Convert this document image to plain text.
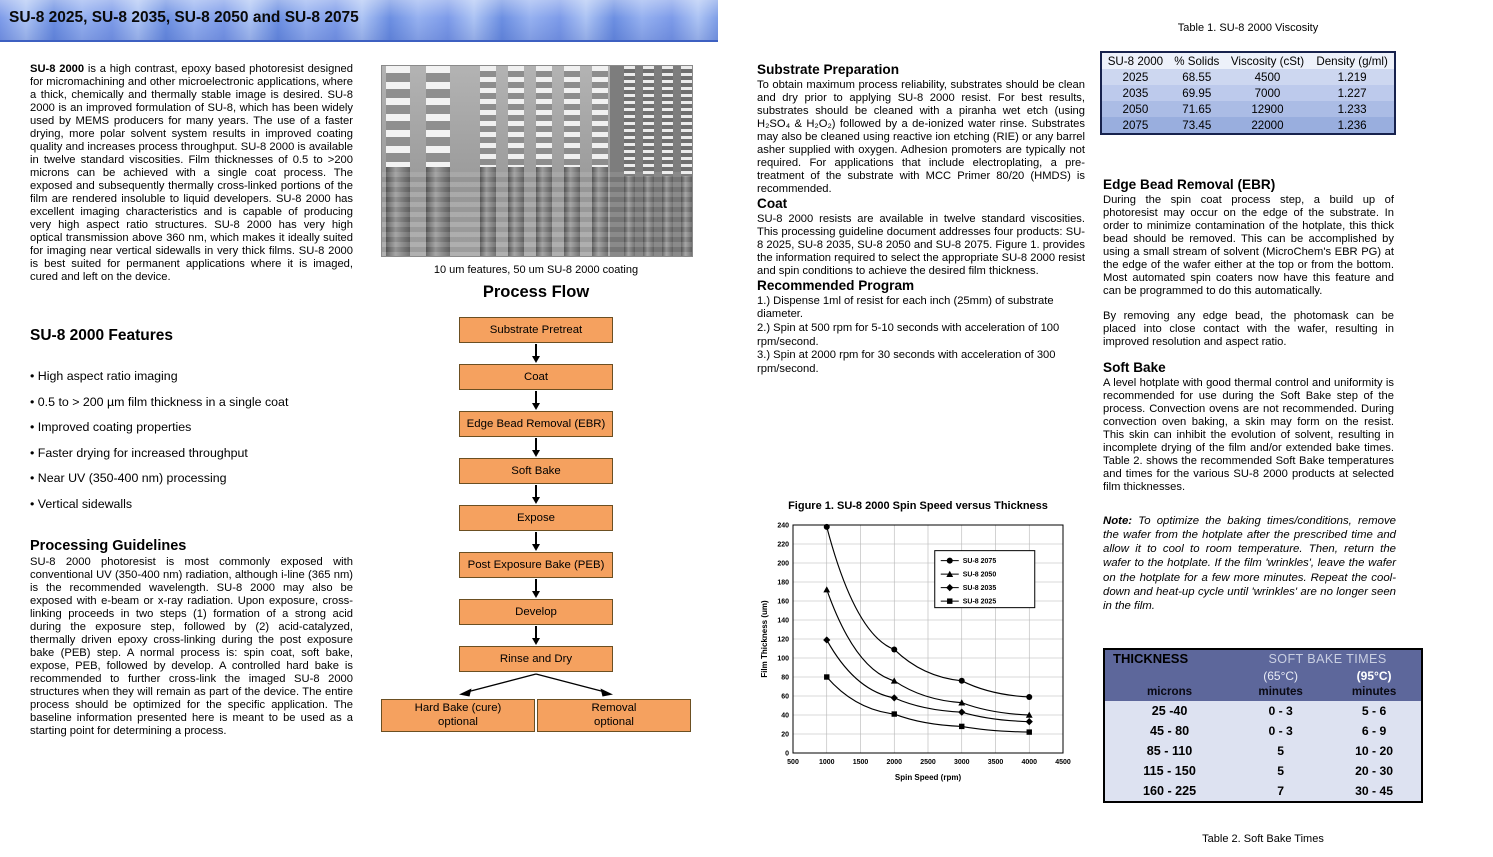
SU-8 2025, SU-8 2035, SU-8 2050 and SU-8 2075

SU-8 2000 is a high contrast, epoxy based photoresist designed for micromachining and other microelectronic applications, where a thick, chemically and thermally stable image is desired. SU-8 2000 is an improved formulation of SU-8, which has been widely used by MEMS producers for many years. The use of a faster drying, more polar solvent system results in improved coating quality and increases process throughput. SU-8 2000 is available in twelve standard viscosities. Film thicknesses of 0.5 to >200 microns can be achieved with a single coat process. The exposed and subsequently thermally cross-linked portions of the film are rendered insoluble to liquid developers. SU-8 2000 has excellent imaging characteristics and is capable of producing very high aspect ratio structures. SU-8 2000 has very high optical transmission above 360 nm, which makes it ideally suited for imaging near vertical sidewalls in very thick films. SU-8 2000 is best suited for permanent applications where it is imaged, cured and left on the device.

SU-8 2000 Features
• High aspect ratio imaging
• 0.5 to > 200 µm film thickness in a single coat
• Improved coating properties
• Faster drying for increased throughput
• Near UV (350-400 nm) processing
• Vertical sidewalls
Processing Guidelines

SU-8 2000 photoresist is most commonly exposed with conventional UV (350-400 nm) radiation, although i-line (365 nm) is the recommended wavelength. SU-8 2000 may also be exposed with e-beam or x-ray radiation. Upon exposure, cross-linking proceeds in two steps (1) formation of a strong acid during the exposure step, followed by (2) acid-catalyzed, thermally driven epoxy cross-linking during the post exposure bake (PEB) step. A normal process is: spin coat, soft bake, expose, PEB, followed by develop. A controlled hard bake is recommended to further cross-link the imaged SU-8 2000 structures when they will remain as part of the device. The entire process should be optimized for the specific application. The baseline information presented here is meant to be used as a starting point for determining a process.

10 um features, 50 um SU-8 2000 coating
Process Flow
Substrate Pretreat
Coat
Edge Bead Removal (EBR)
Soft Bake
Expose
Post Exposure Bake (PEB)
Develop
Rinse and Dry
Hard Bake (cure)
optional
Removal
optional
Substrate Preparation

To obtain maximum process reliability, substrates should be clean and dry prior to applying SU-8 2000 resist. For best results, substrates should be cleaned with a piranha wet etch (using H₂SO₄ & H₂O₂) followed by a de-ionized water rinse. Substrates may also be cleaned using reactive ion etching (RIE) or any barrel asher supplied with oxygen. Adhesion promoters are typically not required. For applications that include electroplating, a pre-treatment of the substrate with MCC Primer 80/20 (HMDS) is recommended.

Coat

SU-8 2000 resists are available in twelve standard viscosities. This processing guideline document addresses four products: SU-8 2025, SU-8 2035, SU-8 2050 and SU-8 2075. Figure 1. provides the information required to select the appropriate SU-8 2000 resist and spin conditions to achieve the desired film thickness.

Recommended Program

1.) Dispense 1ml of resist for each inch (25mm) of substrate diameter.

2.) Spin at 500 rpm for 5-10 seconds with acceleration of 100 rpm/second.

3.) Spin at 2000 rpm for 30 seconds with acceleration of 300 rpm/second.

Figure 1. SU-8 2000 Spin Speed versus Thickness
500	1000	1500	2000	2500	3000	3500	4000	4500
0
20
40
60
80
100
120
140
160
180
200
220
240
Spin Speed (rpm)
Film Thickness (um)
SU-8 2075
SU-8 2050
SU-8 2035
SU-8 2025
Table 1. SU-8 2000 Viscosity
SU-8 2000	% Solids	Viscosity (cSt)	Density (g/ml)
2025	68.55	4500	1.219
2035	69.95	7000	1.227
2050	71.65	12900	1.233
2075	73.45	22000	1.236
Edge Bead Removal (EBR)

During the spin coat process step, a build up of photoresist may occur on the edge of the substrate. In order to minimize contamination of the hotplate, this thick bead should be removed. This can be accomplished by using a small stream of solvent (MicroChem's EBR PG) at the edge of the wafer either at the top or from the bottom. Most automated spin coaters now have this feature and can be programmed to do this automatically.

By removing any edge bead, the photomask can be placed into close contact with the wafer, resulting in improved resolution and aspect ratio.

Soft Bake

A level hotplate with good thermal control and uniformity is recommended for use during the Soft Bake step of the process. Convection ovens are not recommended. During convection oven baking, a skin may form on the resist. This skin can inhibit the evolution of solvent, resulting in incomplete drying of the film and/or extended bake times. Table 2. shows the recommended Soft Bake temperatures and times for the various SU-8 2000 products at selected film thicknesses.

Note: To optimize the baking times/conditions, remove the wafer from the hotplate after the prescribed time and allow it to cool to room temperature. Then, return the wafer to the hotplate. If the film 'wrinkles', leave the wafer on the hotplate for a few more minutes. Repeat the cool-down and heat-up cycle until 'wrinkles' are no longer seen in the film.

THICKNESS	SOFT BAKE TIMES	
	(65°C)	(95°C)
microns	minutes	minutes
25 -40	0 - 3	5 - 6
45 - 80	0 - 3	6 - 9
85 - 110	5	10 - 20
115 - 150	5	20 - 30
160 - 225	7	30 - 45
Table 2. Soft Bake Times
